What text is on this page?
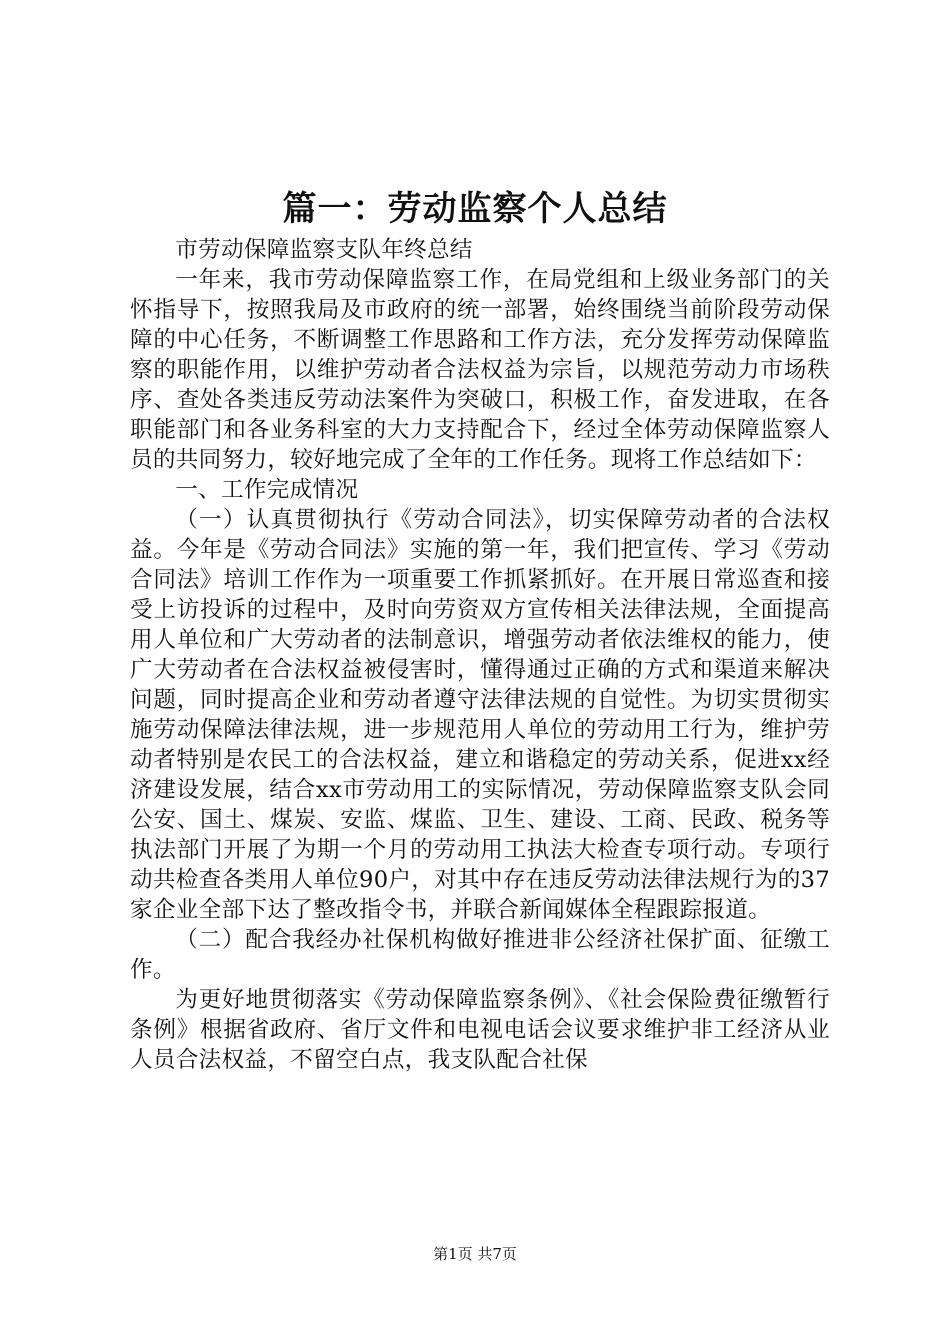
篇一：劳动监察个人总结

市劳动保障监察支队年终总结

一年来，我市劳动保障监察工作，在局党组和上级业务部门的关怀指导下，按照我局及市政府的统一部署，始终围绕当前阶段劳动保障的中心任务，不断调整工作思路和工作方法，充分发挥劳动保障监察的职能作用，以维护劳动者合法权益为宗旨，以规范劳动力市场秩序、查处各类违反劳动法案件为突破口，积极工作，奋发进取，在各职能部门和各业务科室的大力支持配合下，经过全体劳动保障监察人员的共同努力，较好地完成了全年的工作任务。现将工作总结如下：

一、工作完成情况

（一）认真贯彻执行《劳动合同法》，切实保障劳动者的合法权益。今年是《劳动合同法》实施的第一年，我们把宣传、学习《劳动合同法》培训工作作为一项重要工作抓紧抓好。在开展日常巡查和接受上访投诉的过程中，及时向劳资双方宣传相关法律法规，全面提高用人单位和广大劳动者的法制意识，增强劳动者依法维权的能力，使广大劳动者在合法权益被侵害时，懂得通过正确的方式和渠道来解决问题，同时提高企业和劳动者遵守法律法规的自觉性。为切实贯彻实施劳动保障法律法规，进一步规范用人单位的劳动用工行为，维护劳动者特别是农民工的合法权益，建立和谐稳定的劳动关系，促进xx经济建设发展，结合xx市劳动用工的实际情况，劳动保障监察支队会同公安、国土、煤炭、安监、煤监、卫生、建设、工商、民政、税务等执法部门开展了为期一个月的劳动用工执法大检查专项行动。专项行动共检查各类用人单位90户，对其中存在违反劳动法律法规行为的37家企业全部下达了整改指令书，并联合新闻媒体全程跟踪报道。

（二）配合我经办社保机构做好推进非公经济社保扩面、征缴工作。

为更好地贯彻落实《劳动保障监察条例》、《社会保险费征缴暂行条例》根据省政府、省厅文件和电视电话会议要求维护非工经济从业人员合法权益，不留空白点，我支队配合社保

第1页 共7页
